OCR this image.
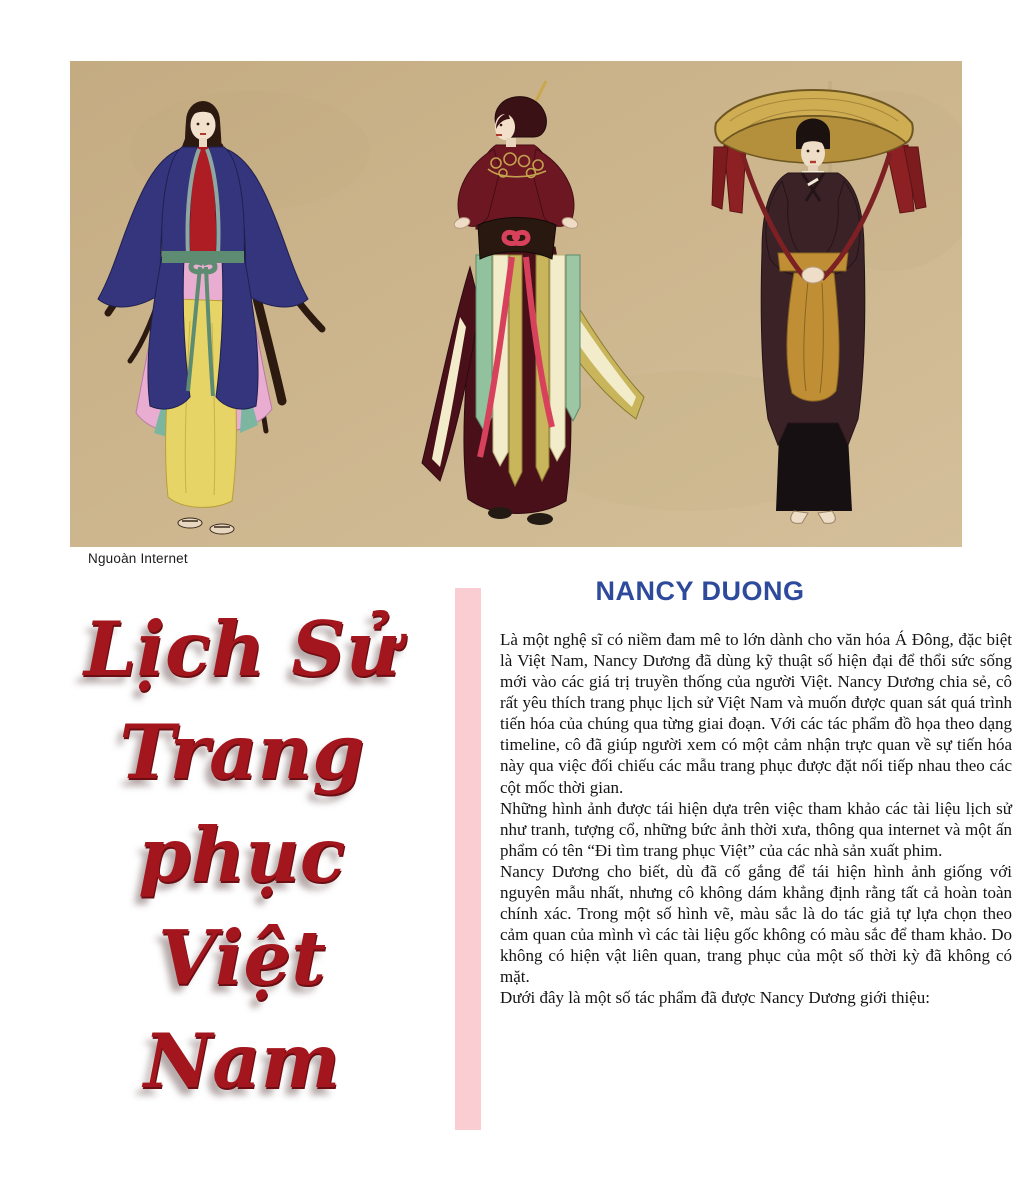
Nguoàn Internet
Lịch Sử
Trang
phục
Việt
Nam
NANCY DUONG

Là một nghệ sĩ có niềm đam mê to lớn dành cho văn hóa Á Đông, đặc biệt là Việt Nam, Nancy Dương đã dùng kỹ thuật số hiện đại để thổi sức sống mới vào các giá trị truyền thống của người Việt. Nancy Dương chia sẻ, cô rất yêu thích trang phục lịch sử Việt Nam và muốn được quan sát quá trình tiến hóa của chúng qua từng giai đoạn. Với các tác phẩm đồ họa theo dạng timeline, cô đã giúp người xem có một cảm nhận trực quan về sự tiến hóa này qua việc đối chiếu các mẫu trang phục được đặt nối tiếp nhau theo các cột mốc thời gian.

Những hình ảnh được tái hiện dựa trên việc tham khảo các tài liệu lịch sử như tranh, tượng cổ, những bức ảnh thời xưa, thông qua internet và một ấn phẩm có tên “Đi tìm trang phục Việt” của các nhà sản xuất phim.

Nancy Dương cho biết, dù đã cố gắng để tái hiện hình ảnh giống với nguyên mẫu nhất, nhưng cô không dám khẳng định rằng tất cả hoàn toàn chính xác. Trong một số hình vẽ, màu sắc là do tác giả tự lựa chọn theo cảm quan của mình vì các tài liệu gốc không có màu sắc để tham khảo. Do không có hiện vật liên quan, trang phục của một số thời kỳ đã không có mặt.

Dưới đây là một số tác phẩm đã được Nancy Dương giới thiệu:
